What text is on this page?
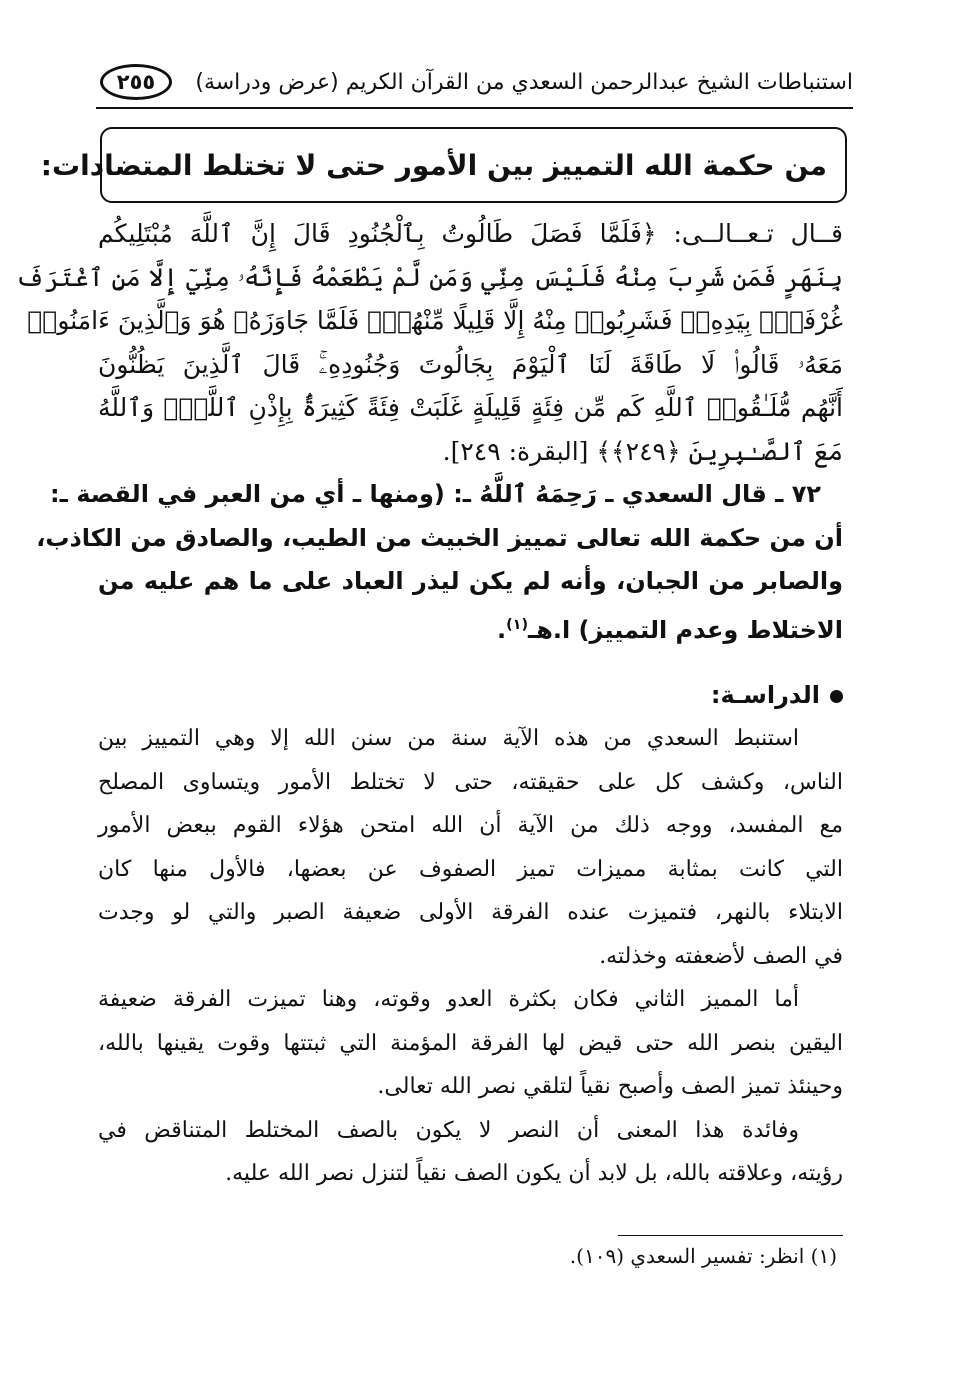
استنباطات الشيخ عبدالرحمن السعدي من القرآن الكريم (عرض ودراسة)
٢٥٥
من حكمة الله التمييز بين الأمور حتى لا تختلط المتضادات:
قــال تـعــالــى: ﴿فَلَمَّا فَصَلَ طَالُوتُ بِٱلْجُنُودِ قَالَ إِنَّ ٱللَّهَ مُبْتَلِيكُم
بِنَهَرٍ فَمَن شَرِبَ مِنْهُ فَلَيْسَ مِنِّي وَمَن لَّمْ يَطْعَمْهُ فَإِنَّهُۥ مِنِّيٓ إِلَّا مَنِ ٱغْتَرَفَ
غُرْفَةًۢ بِيَدِهِۦۚ فَشَرِبُوا۟ مِنْهُ إِلَّا قَلِيلًا مِّنْهُمْۚ فَلَمَّا جَاوَزَهُۥ هُوَ وَٱلَّذِينَ ءَامَنُوا۟
مَعَهُۥ قَالُوا۟ لَا طَاقَةَ لَنَا ٱلْيَوْمَ بِجَالُوتَ وَجُنُودِهِۦۚ قَالَ ٱلَّذِينَ يَظُنُّونَ
أَنَّهُم مُّلَـٰقُوا۟ ٱللَّهِ كَم مِّن فِئَةٍ قَلِيلَةٍ غَلَبَتْ فِئَةً كَثِيرَةًۢ بِإِذْنِ ٱللَّهِۗ وَٱللَّهُ
مَعَ ٱلصَّـٰبِرِينَ ﴿٢٤٩﴾﴾ [البقرة: ٢٤٩].
٧٢ ـ قال السعدي ـ رَحِمَهُ ٱللَّهُ ـ: (ومنها ـ أي من العبر في القصة ـ:
أن من حكمة الله تعالى تمييز الخبيث من الطيب، والصادق من الكاذب،
والصابر من الجبان، وأنه لم يكن ليذر العباد على ما هم عليه من
الاختلاط وعدم التمييز) ا.هـ$^{(١)}$.
الدراسـة:
استنبط السعدي من هذه الآية سنة من سنن الله إلا وهي التمييز بين
الناس، وكشف كل على حقيقته، حتى لا تختلط الأمور ويتساوى المصلح
مع المفسد، ووجه ذلك من الآية أن الله امتحن هؤلاء القوم ببعض الأمور
التي كانت بمثابة مميزات تميز الصفوف عن بعضها، فالأول منها كان
الابتلاء بالنهر، فتميزت عنده الفرقة الأولى ضعيفة الصبر والتي لو وجدت
في الصف لأضعفته وخذلته.
أما المميز الثاني فكان بكثرة العدو وقوته، وهنا تميزت الفرقة ضعيفة
اليقين بنصر الله حتى قيض لها الفرقة المؤمنة التي ثبتتها وقوت يقينها بالله،
وحينئذ تميز الصف وأصبح نقياً لتلقي نصر الله تعالى.
وفائدة هذا المعنى أن النصر لا يكون بالصف المختلط المتناقض في
رؤيته، وعلاقته بالله، بل لابد أن يكون الصف نقياً لتنزل نصر الله عليه.
(١) انظر: تفسير السعدي (١٠٩).
